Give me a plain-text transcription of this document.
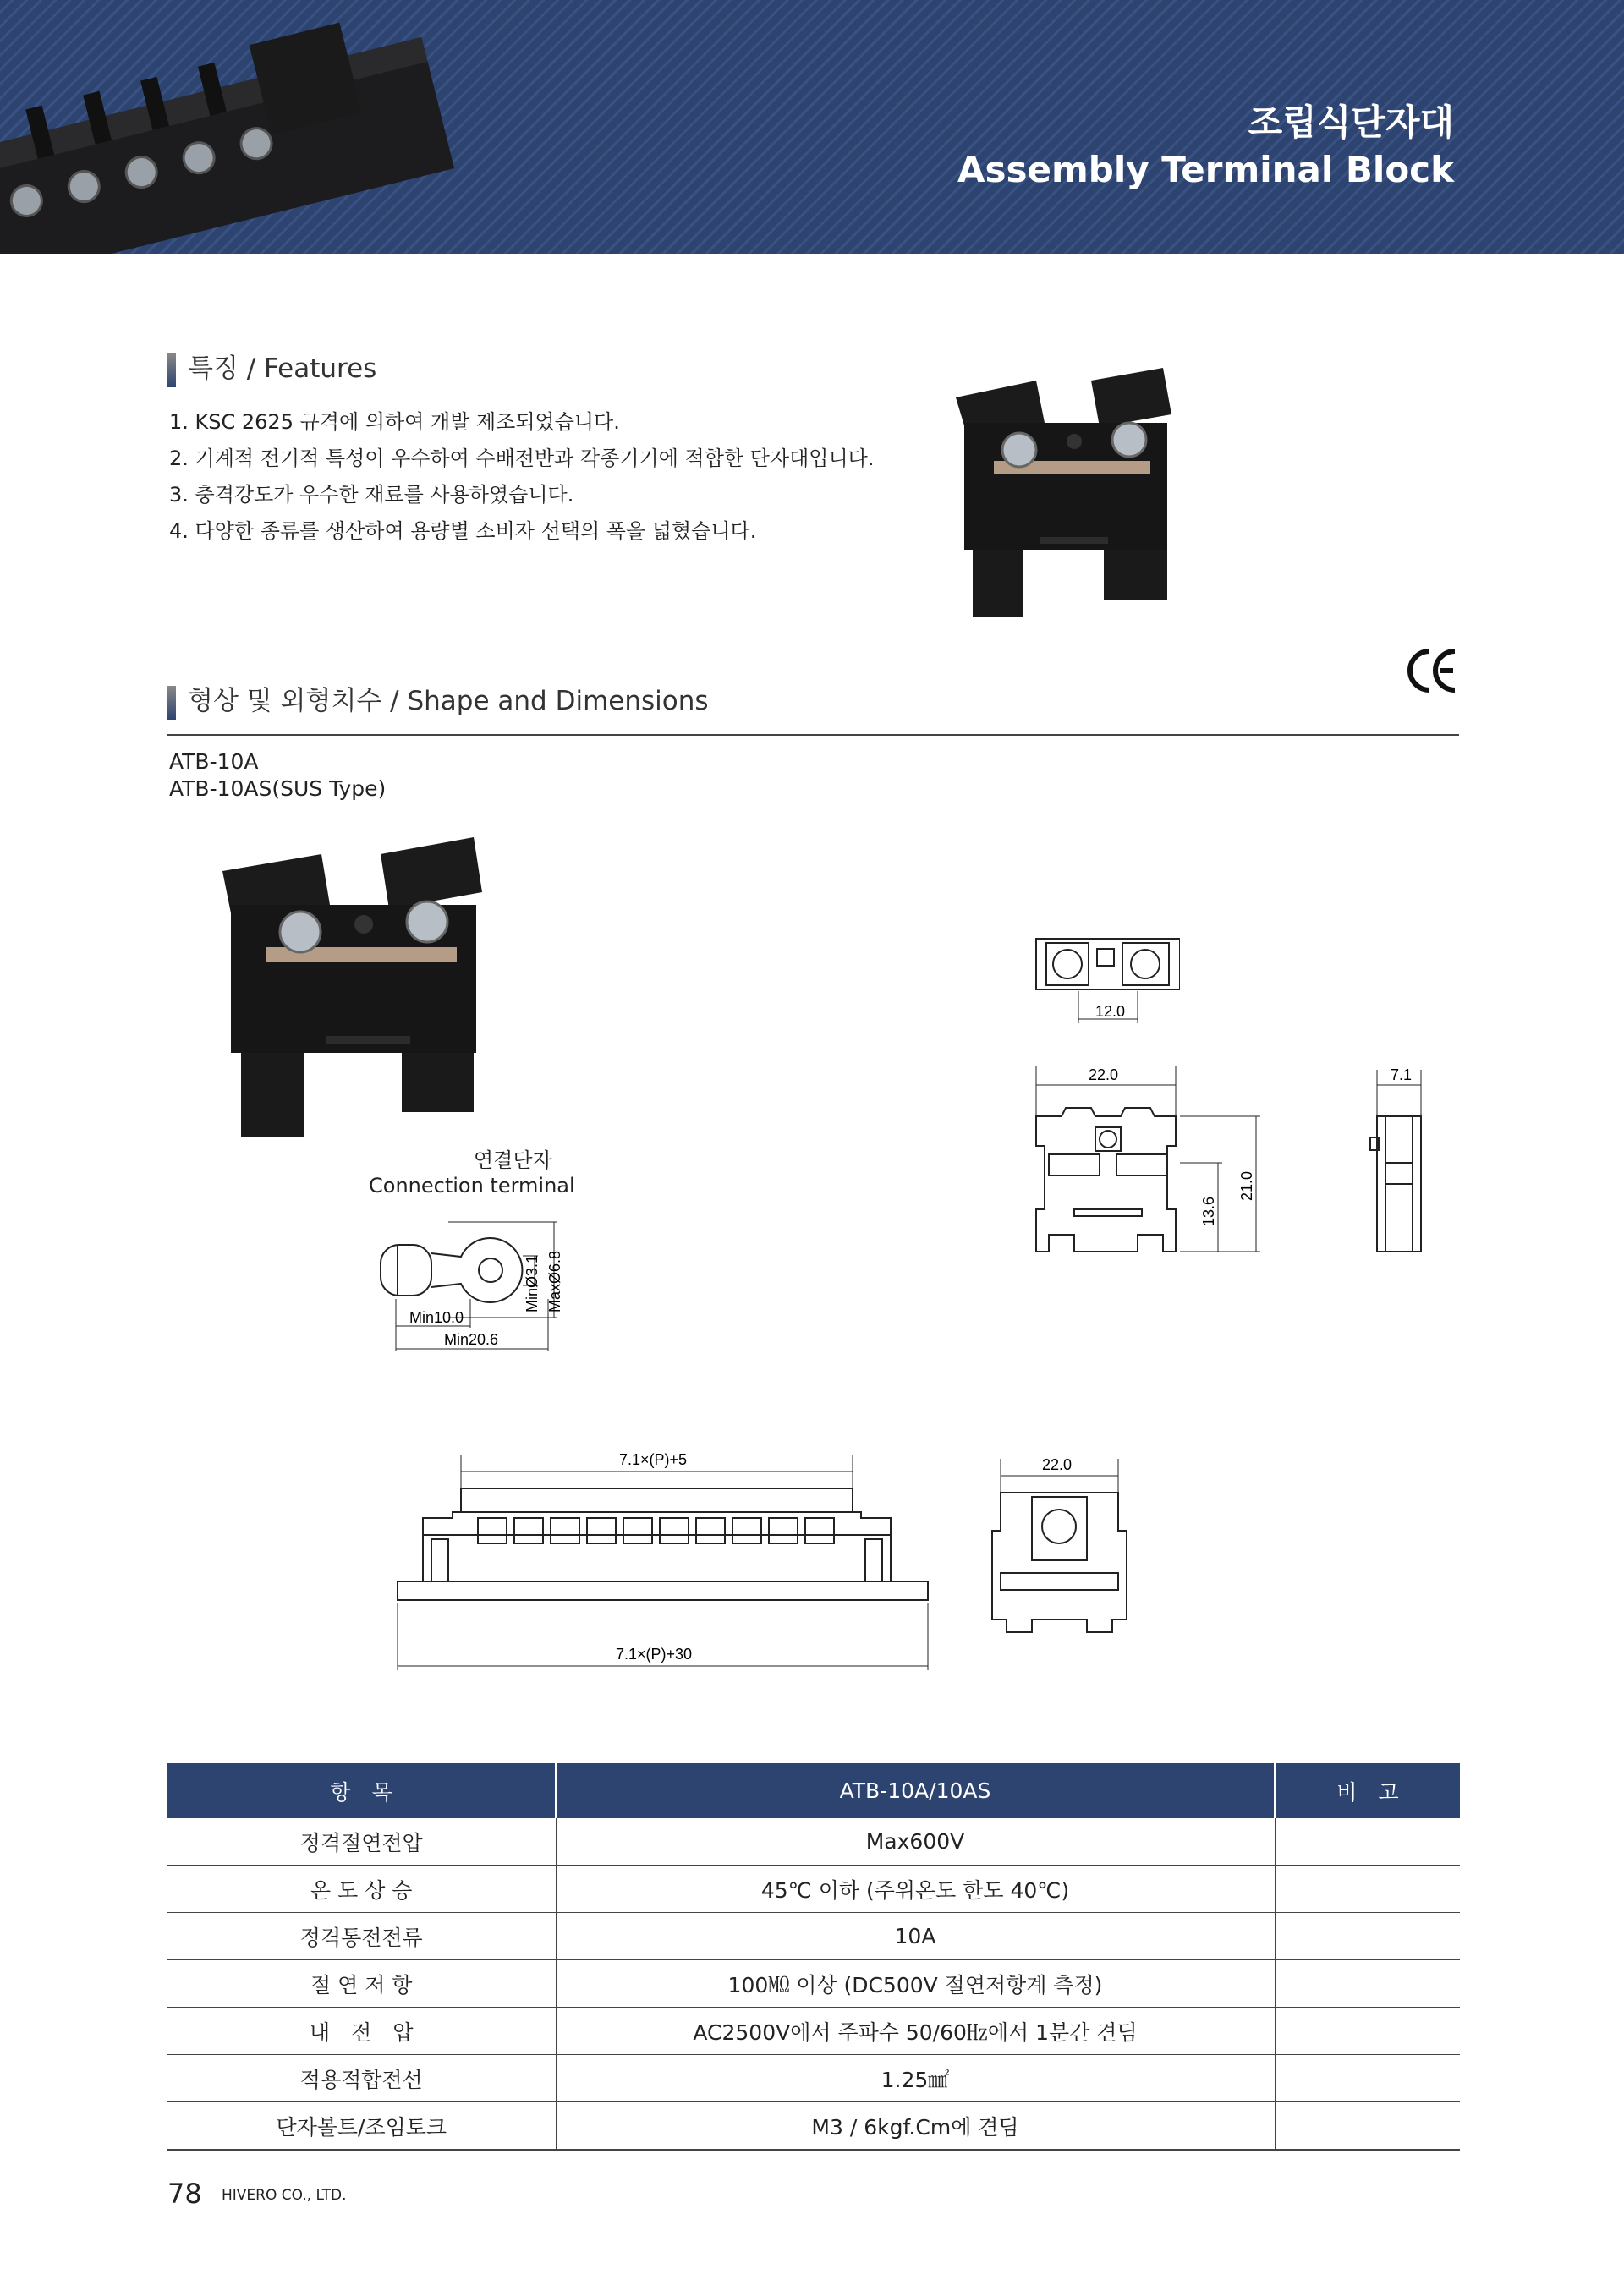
조립식단자대
Assembly Terminal Block
특징 / Features
1. KSC 2625 규격에 의하여 개발 제조되었습니다.
2. 기계적 전기적 특성이 우수하여 수배전반과 각종기기에 적합한 단자대입니다.
3. 충격강도가 우수한 재료를 사용하였습니다.
4. 다양한 종류를 생산하여 용량별 소비자 선택의 폭을 넓혔습니다.
형상 및 외형치수 / Shape and Dimensions
ATB-10A
ATB-10AS(SUS Type)
연결단자
Connection terminal
MinØ3.1 MaxØ6.8
Min10.0
Min20.6
12.0
22.0
13.6
21.0
7.1
7.1×(P)+5
7.1×(P)+30
22.0
항　목	ATB-10A/10AS	비　고
정격절연전압	Max600V	
온 도 상 승	45℃ 이하 (주위온도 한도 40℃)	
정격통전전류	10A	
절 연 저 항	100㏁ 이상 (DC500V 절연저항계 측정)	
내　전　압	AC2500V에서 주파수 50/60㎐에서 1분간 견딤	
적용적합전선	1.25㎟	
단자볼트/조임토크	M3 / 6kgf.Cm에 견딤	
78 HIVERO CO., LTD.
